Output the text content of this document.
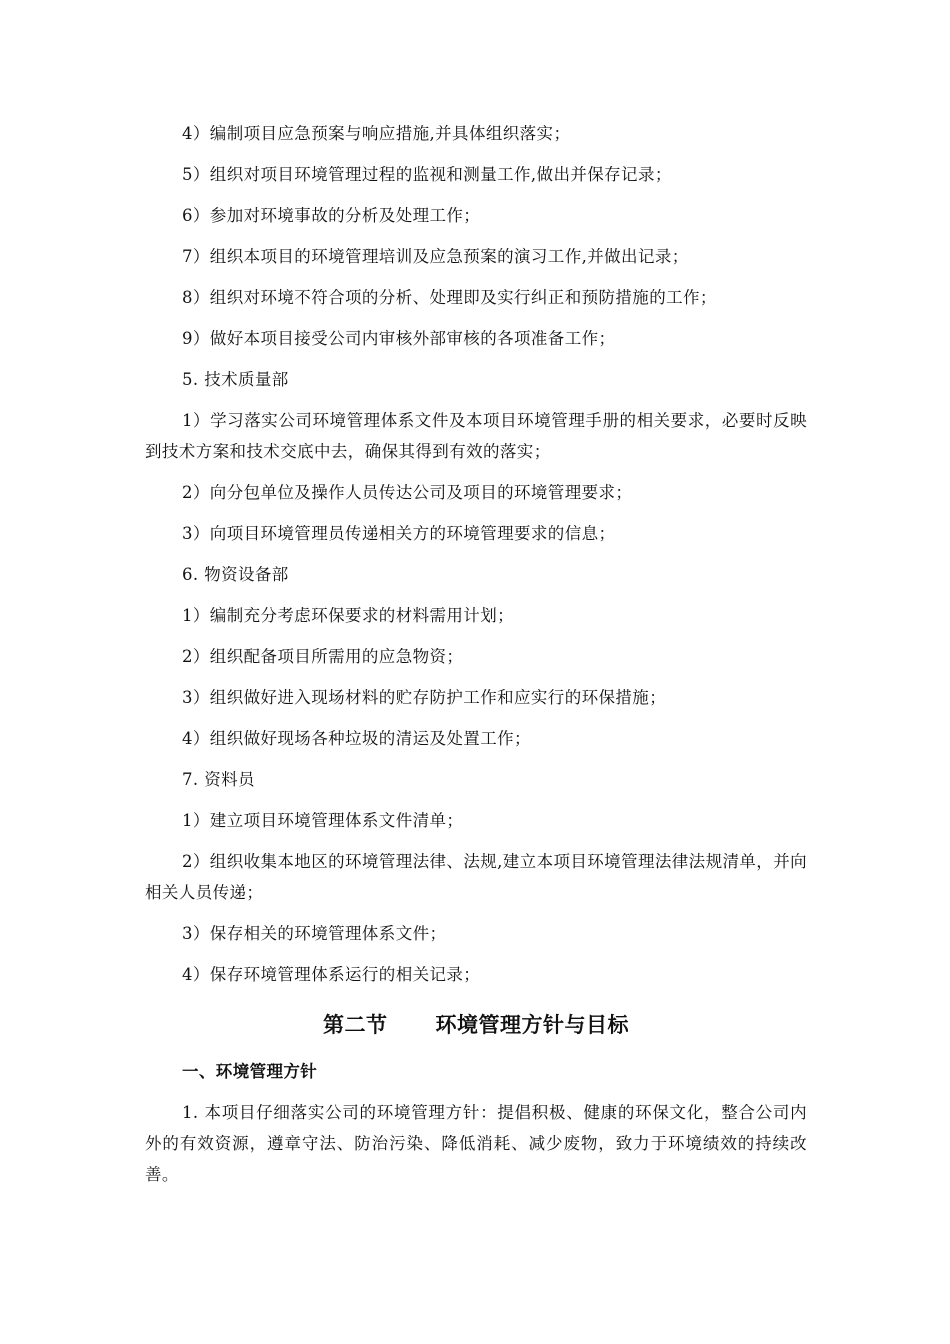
4）编制项目应急预案与响应措施,并具体组织落实；

5）组织对项目环境管理过程的监视和测量工作,做出并保存记录；

6）参加对环境事故的分析及处理工作；

7）组织本项目的环境管理培训及应急预案的演习工作,并做出记录；

8）组织对环境不符合项的分析、处理即及实行纠正和预防措施的工作；

9）做好本项目接受公司内审核外部审核的各项准备工作；

5. 技术质量部

1）学习落实公司环境管理体系文件及本项目环境管理手册的相关要求，必要时反映到技术方案和技术交底中去，确保其得到有效的落实；

2）向分包单位及操作人员传达公司及项目的环境管理要求；

3）向项目环境管理员传递相关方的环境管理要求的信息；

6. 物资设备部

1）编制充分考虑环保要求的材料需用计划；

2）组织配备项目所需用的应急物资；

3）组织做好进入现场材料的贮存防护工作和应实行的环保措施；

4）组织做好现场各种垃圾的清运及处置工作；

7. 资料员

1）建立项目环境管理体系文件清单；

2）组织收集本地区的环境管理法律、法规,建立本项目环境管理法律法规清单，并向相关人员传递；

3）保存相关的环境管理体系文件；

4）保存环境管理体系运行的相关记录；

第二节 环境管理方针与目标

一、环境管理方针

1. 本项目仔细落实公司的环境管理方针：提倡积极、健康的环保文化，整合公司内外的有效资源，遵章守法、防治污染、降低消耗、减少废物，致力于环境绩效的持续改善。
